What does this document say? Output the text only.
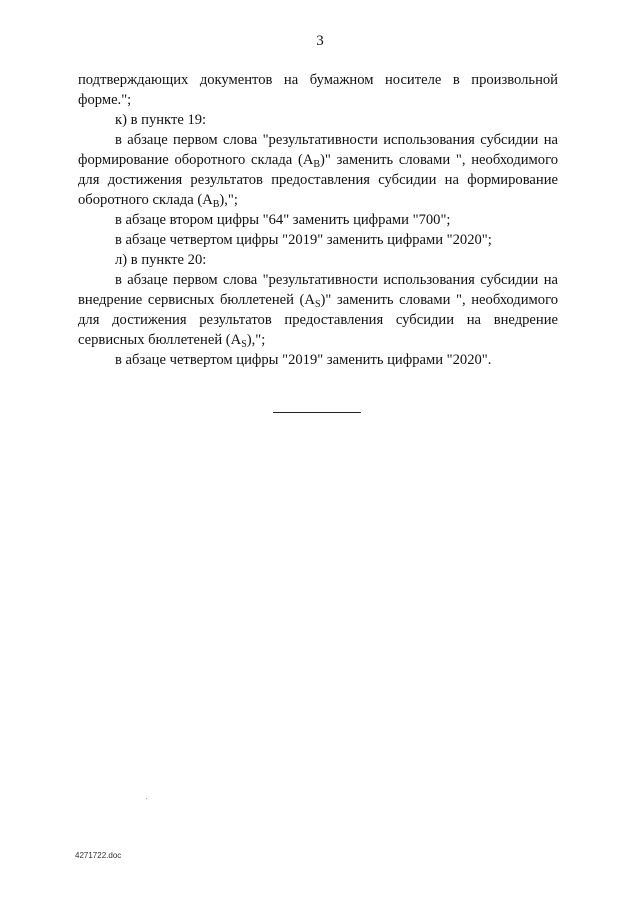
3

подтверждающих документов на бумажном носителе в произвольной

форме.";

к) в пункте 19:

в абзаце первом слова "результативности использования субсидии на формирование оборотного склада $(А_В)$" заменить словами ", необходимого для достижения результатов предоставления субсидии на формирование оборотного склада $(А_В)$,";

в абзаце втором цифры "64" заменить цифрами "700";

в абзаце четвертом цифры "2019" заменить цифрами "2020";

л) в пункте 20:

в абзаце первом слова "результативности использования субсидии на внедрение сервисных бюллетеней $(А_S)$" заменить словами ", необходимого для достижения результатов предоставления субсидии на внедрение сервисных бюллетеней $(А_S)$,";

в абзаце четвертом цифры "2019" заменить цифрами "2020".

4271722.doc
